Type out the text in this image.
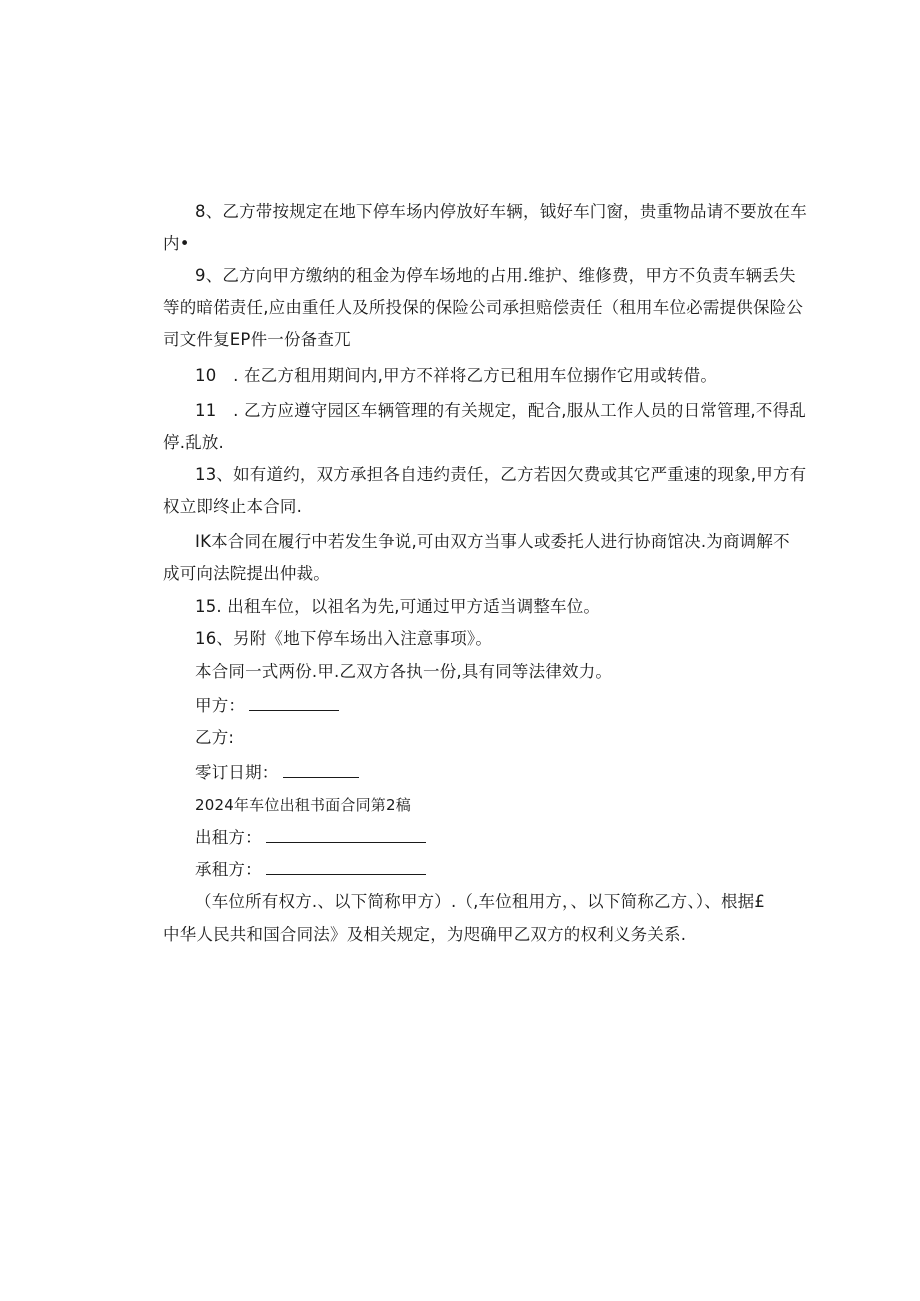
8、乙方带按规定在地下停车场内停放好车辆，钺好车门窗，贵重物品请不要放在车
内•
9、乙方向甲方缴纳的租金为停车场地的占用.维护、维修费，甲方不负责车辆丢失
等的暗偌责任,应由重任人及所投保的保险公司承担赔偿责任（租用车位必需提供保险公
司文件复EP件一份备查兀
10　. 在乙方租用期间内,甲方不祥将乙方已租用车位搦作它用或转借。
11　. 乙方应遵守园区车辆管理的有关规定，配合,服从工作人员的日常管理,不得乱
停.乱放.
13、如有道约，双方承担各自违约责任，乙方若因欠费或其它严重速的现象,甲方有
权立即终止本合同.
IK本合同在履行中若发生争说,可由双方当事人或委托人进行协商馆决.为商调解不
成可向法院提出仲裁。
15. 出租车位，以祖名为先,可通过甲方适当调整车位。
16、另附《地下停车场出入注意事项》。
本合同一式两份.甲.乙双方各执一份,具有同等法律效力。
甲方：
乙方:
零订日期：
2024年车位出租书面合同第2稿
出租方：
承租方：
（车位所有权方.、以下简称甲方）.（,车位租用方，、以下简称乙方、）、根据£
中华人民共和国合同法》及相关规定，为咫确甲乙双方的权利义务关系.
